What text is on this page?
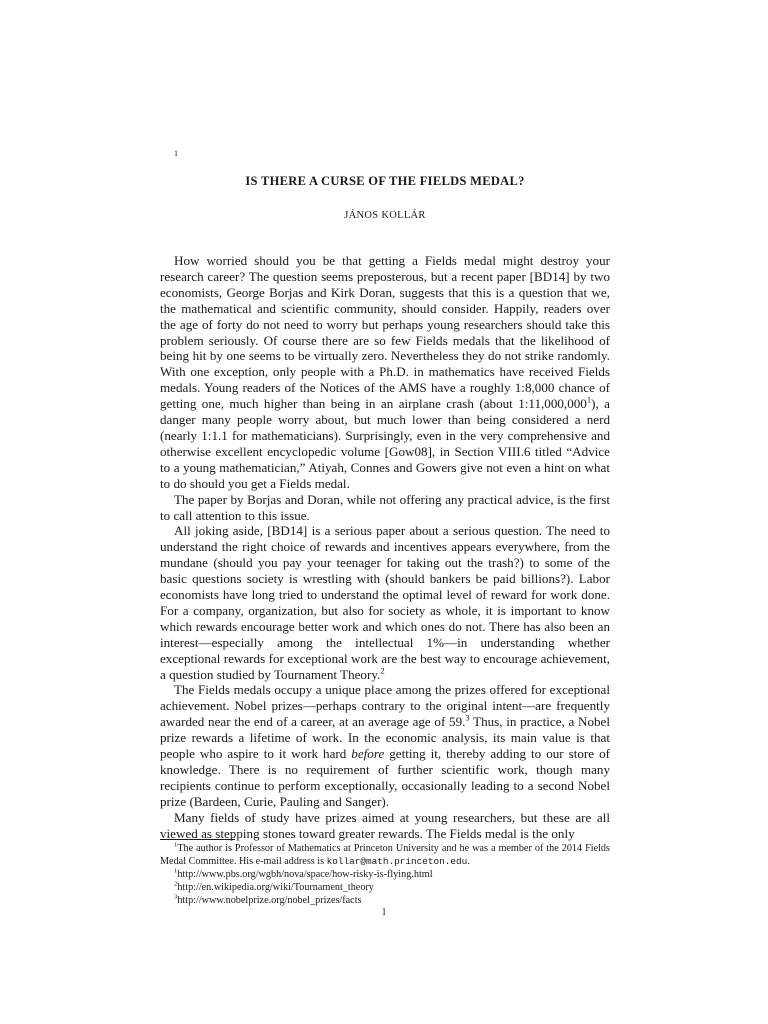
1
IS THERE A CURSE OF THE FIELDS MEDAL?
JÁNOS KOLLÁR

How worried should you be that getting a Fields medal might destroy your research career? The question seems preposterous, but a recent paper [BD14] by two economists, George Borjas and Kirk Doran, suggests that this is a question that we, the mathematical and scientific community, should consider. Happily, readers over the age of forty do not need to worry but perhaps young researchers should take this problem seriously. Of course there are so few Fields medals that the likelihood of being hit by one seems to be virtually zero. Nevertheless they do not strike randomly. With one exception, only people with a Ph.D. in mathematics have received Fields medals. Young readers of the Notices of the AMS have a roughly 1:8,000 chance of getting one, much higher than being in an airplane crash (about 1:11,000,000$^1$), a danger many people worry about, but much lower than being considered a nerd (nearly 1:1.1 for mathematicians). Surprisingly, even in the very comprehensive and otherwise excellent encyclopedic volume [Gow08], in Section VIII.6 titled “Advice to a young mathematician,” Atiyah, Connes and Gowers give not even a hint on what to do should you get a Fields medal.

The paper by Borjas and Doran, while not offering any practical advice, is the first to call attention to this issue.

All joking aside, [BD14] is a serious paper about a serious question. The need to understand the right choice of rewards and incentives appears everywhere, from the mundane (should you pay your teenager for taking out the trash?) to some of the basic questions society is wrestling with (should bankers be paid billions?). Labor economists have long tried to understand the optimal level of reward for work done. For a company, organization, but also for society as whole, it is important to know which rewards encourage better work and which ones do not. There has also been an interest—especially among the intellectual 1%—in understanding whether exceptional rewards for exceptional work are the best way to encourage achievement, a question studied by Tournament Theory.$^2$

The Fields medals occupy a unique place among the prizes offered for exceptional achievement. Nobel prizes—perhaps contrary to the original intent—are frequently awarded near the end of a career, at an average age of 59.$^3$ Thus, in practice, a Nobel prize rewards a lifetime of work. In the economic analysis, its main value is that people who aspire to it work hard before getting it, thereby adding to our store of knowledge. There is no requirement of further scientific work, though many recipients continue to perform exceptionally, occasionally leading to a second Nobel prize (Bardeen, Curie, Pauling and Sanger).

Many fields of study have prizes aimed at young researchers, but these are all viewed as stepping stones toward greater rewards. The Fields medal is the only

$^1$The author is Professor of Mathematics at Princeton University and he was a member of the 2014 Fields Medal Committee. His e-mail address is kollar@math.princeton.edu.
$^1$http://www.pbs.org/wgbh/nova/space/how-risky-is-flying.html
$^2$http://en.wikipedia.org/wiki/Tournament_theory
$^3$http://www.nobelprize.org/nobel_prizes/facts
1
